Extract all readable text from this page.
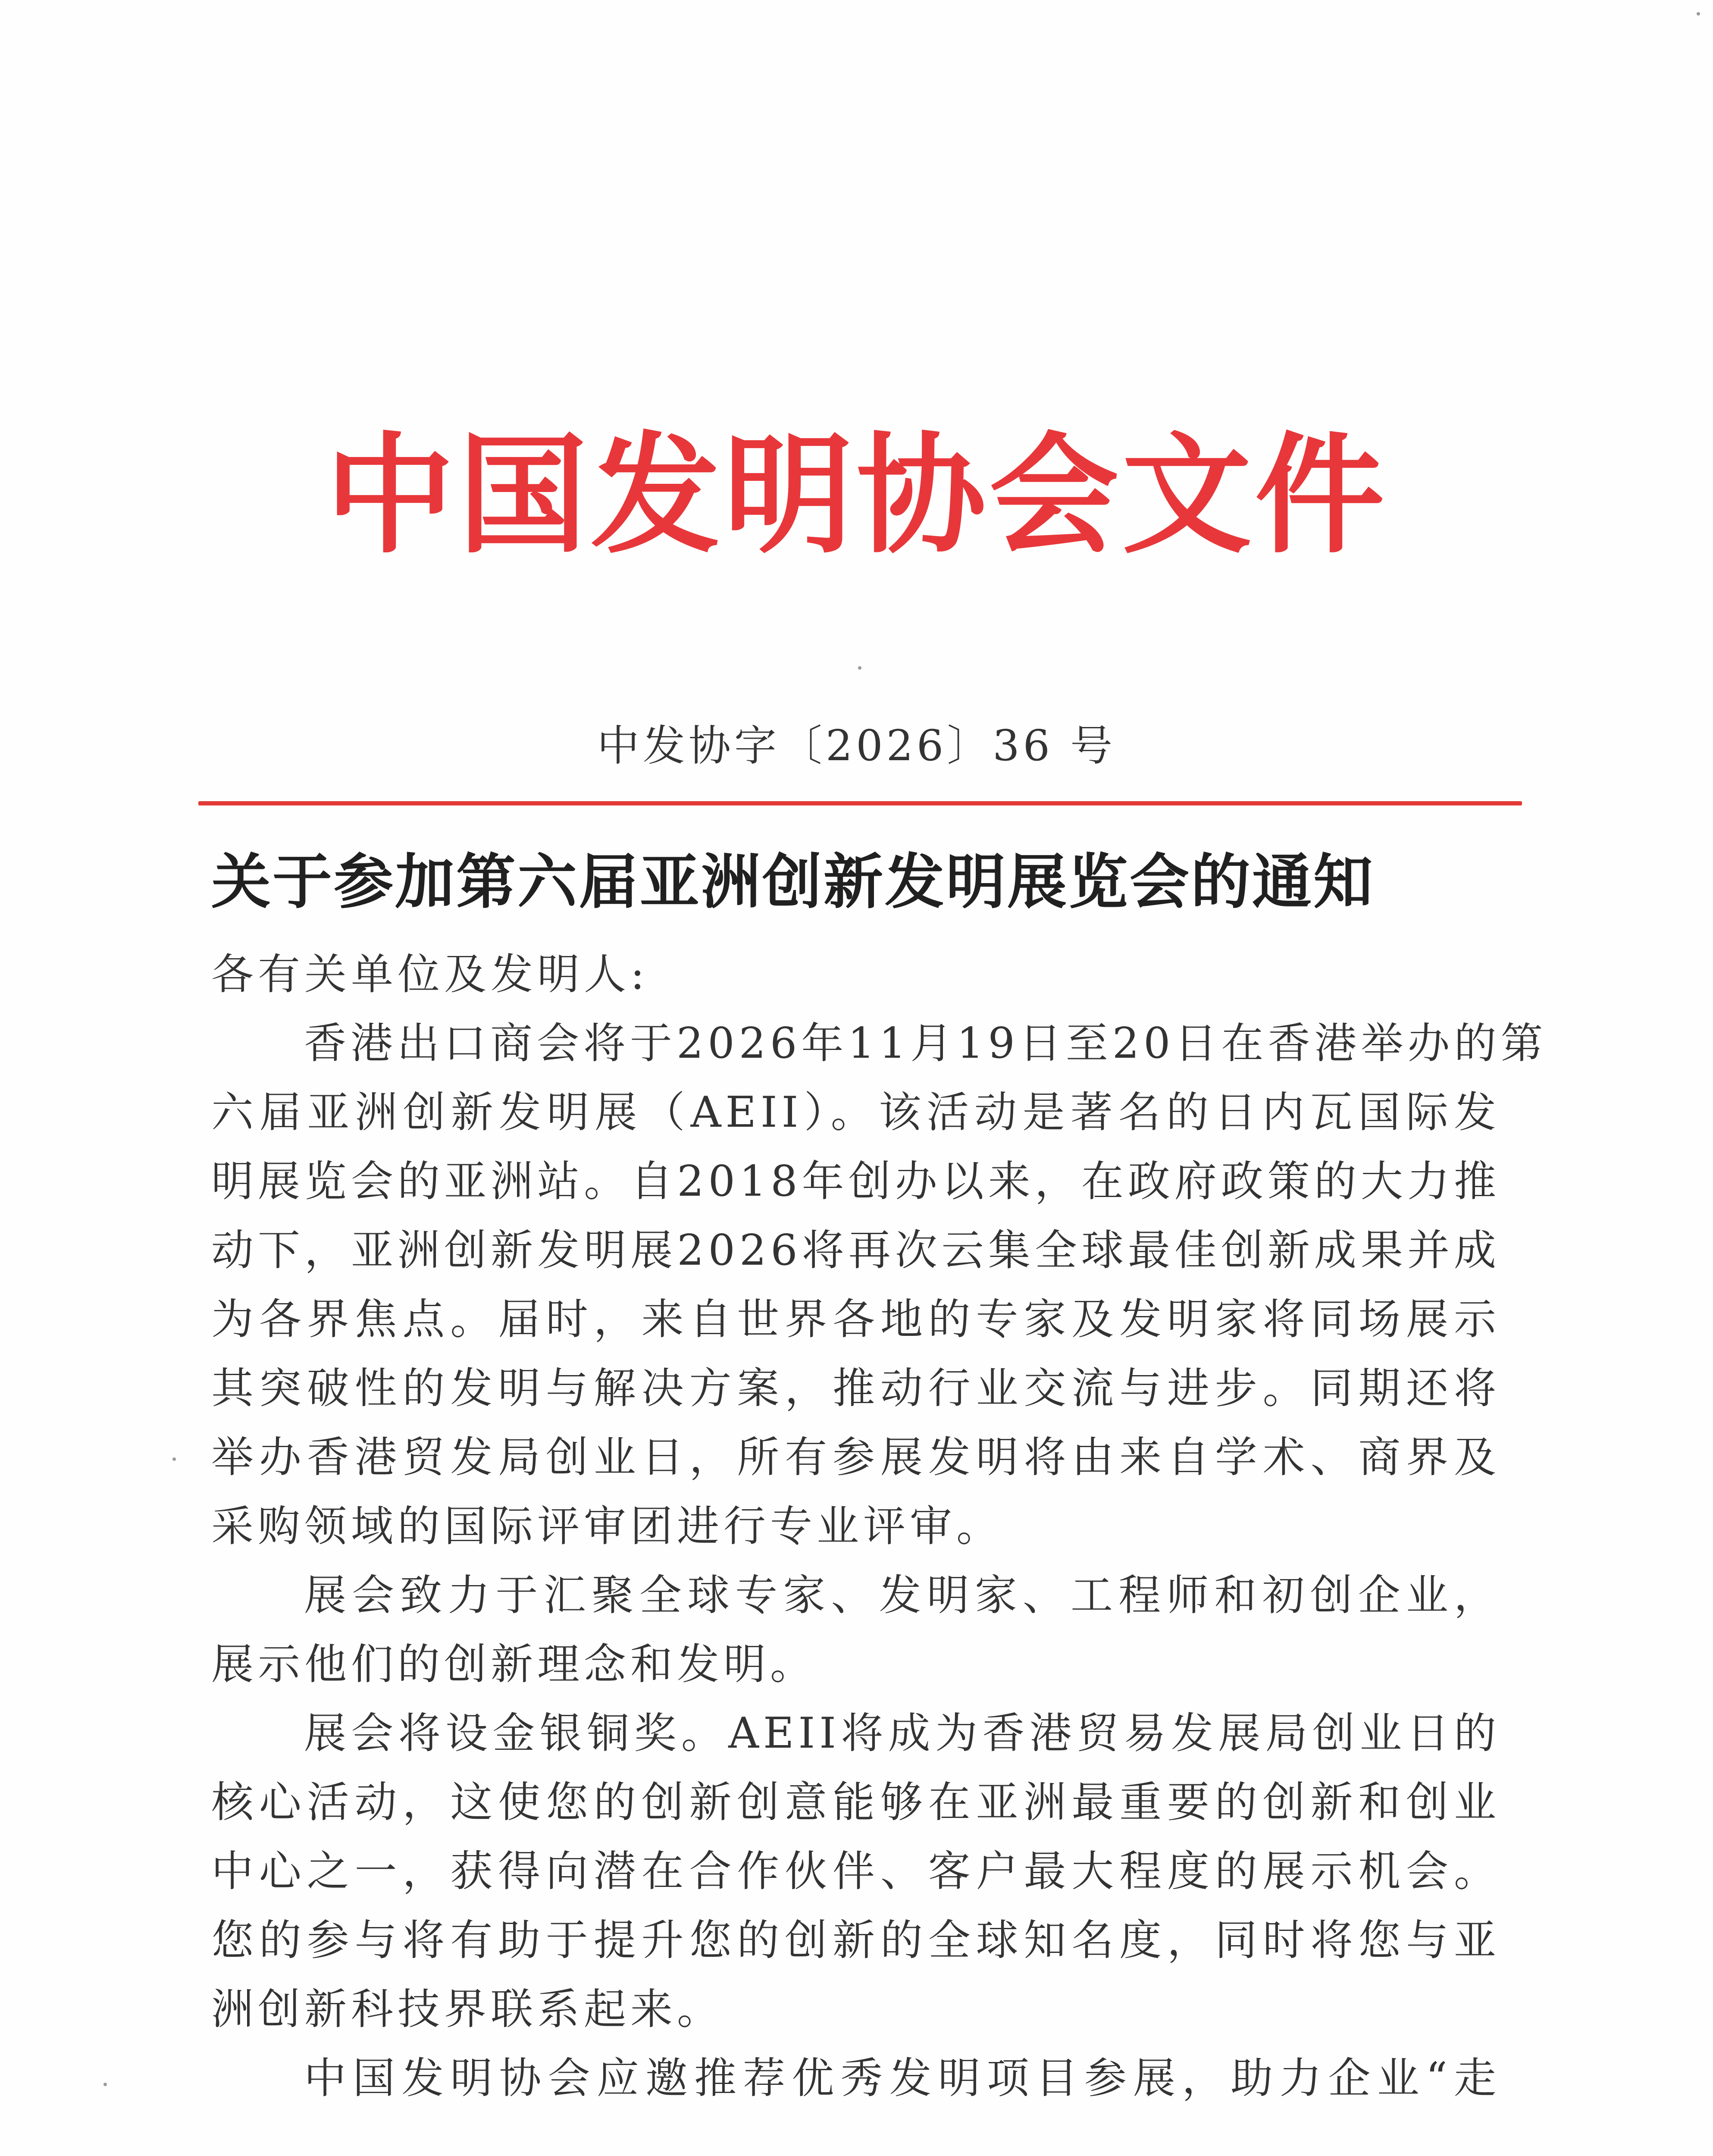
中国发明协会文件
中发协字〔2026〕36 号
关于参加第六届亚洲创新发明展览会的通知
各有关单位及发明人:
香港出口商会将于2026年11月19日至20日在香港举办的第
六届亚洲创新发明展（AEII）。该活动是著名的日内瓦国际发
明展览会的亚洲站。自2018年创办以来，在政府政策的大力推
动下，亚洲创新发明展2026将再次云集全球最佳创新成果并成
为各界焦点。届时，来自世界各地的专家及发明家将同场展示
其突破性的发明与解决方案，推动行业交流与进步。同期还将
举办香港贸发局创业日，所有参展发明将由来自学术、商界及
采购领域的国际评审团进行专业评审。
展会致力于汇聚全球专家、发明家、工程师和初创企业，
展示他们的创新理念和发明。
展会将设金银铜奖。AEII将成为香港贸易发展局创业日的
核心活动，这使您的创新创意能够在亚洲最重要的创新和创业
中心之一，获得向潜在合作伙伴、客户最大程度的展示机会。
您的参与将有助于提升您的创新的全球知名度，同时将您与亚
洲创新科技界联系起来。
中国发明协会应邀推荐优秀发明项目参展，助力企业“走
